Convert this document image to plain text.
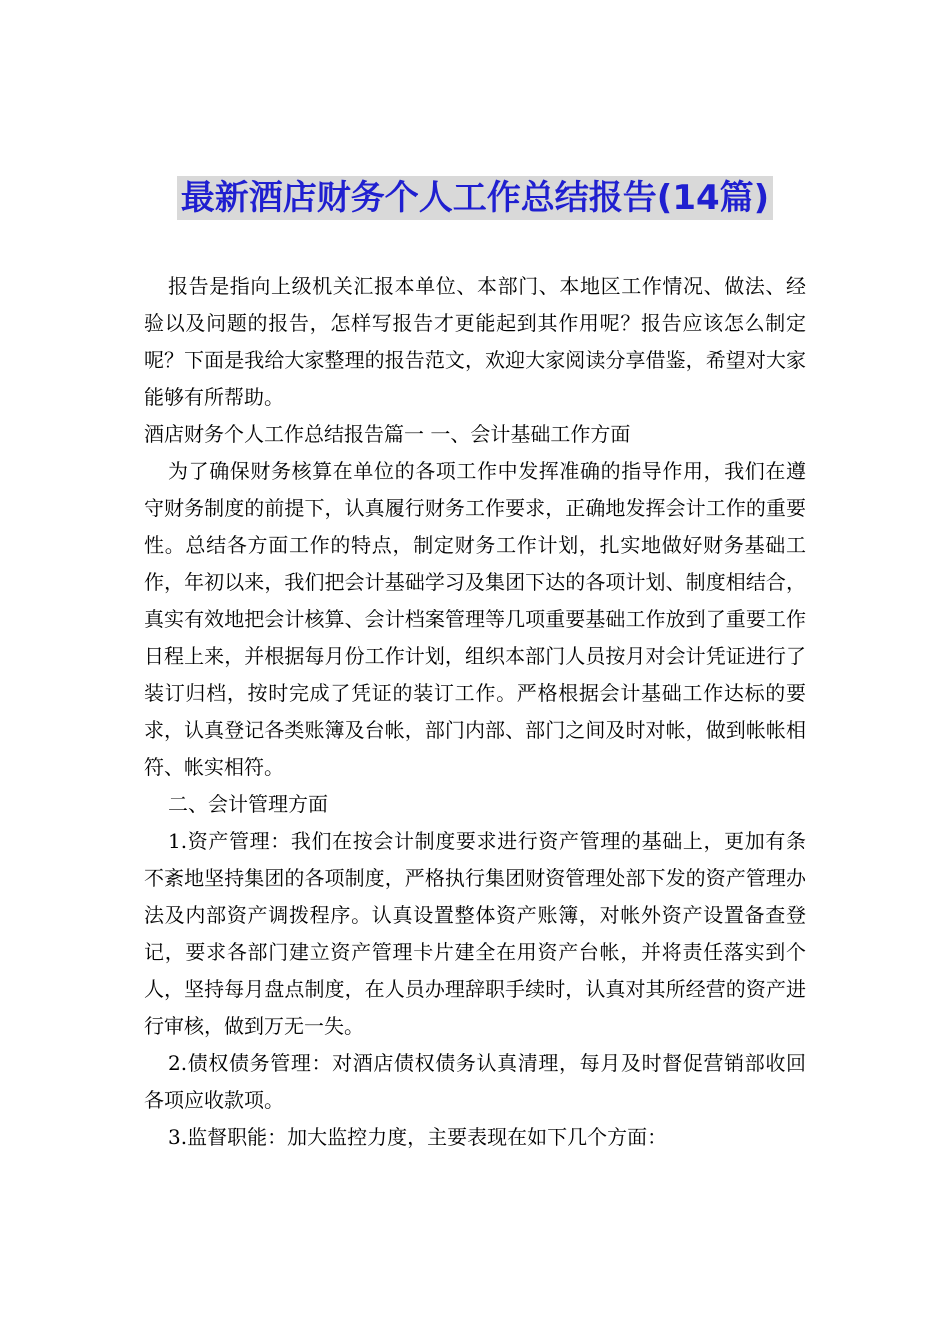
最新酒店财务个人工作总结报告(14篇)

报告是指向上级机关汇报本单位、本部门、本地区工作情况、做法、经验以及问题的报告，怎样写报告才更能起到其作用呢？报告应该怎么制定呢？下面是我给大家整理的报告范文，欢迎大家阅读分享借鉴，希望对大家能够有所帮助。

酒店财务个人工作总结报告篇一 一、会计基础工作方面

为了确保财务核算在单位的各项工作中发挥准确的指导作用，我们在遵守财务制度的前提下，认真履行财务工作要求，正确地发挥会计工作的重要性。总结各方面工作的特点，制定财务工作计划，扎实地做好财务基础工作，年初以来，我们把会计基础学习及集团下达的各项计划、制度相结合，真实有效地把会计核算、会计档案管理等几项重要基础工作放到了重要工作日程上来，并根据每月份工作计划，组织本部门人员按月对会计凭证进行了装订归档，按时完成了凭证的装订工作。严格根据会计基础工作达标的要求，认真登记各类账簿及台帐，部门内部、部门之间及时对帐，做到帐帐相符、帐实相符。

二、会计管理方面

1.资产管理：我们在按会计制度要求进行资产管理的基础上，更加有条不紊地坚持集团的各项制度，严格执行集团财资管理处部下发的资产管理办法及内部资产调拨程序。认真设置整体资产账簿，对帐外资产设置备查登记，要求各部门建立资产管理卡片建全在用资产台帐，并将责任落实到个人，坚持每月盘点制度，在人员办理辞职手续时，认真对其所经营的资产进行审核，做到万无一失。

2.债权债务管理：对酒店债权债务认真清理，每月及时督促营销部收回各项应收款项。

3.监督职能：加大监控力度，主要表现在如下几个方面：
